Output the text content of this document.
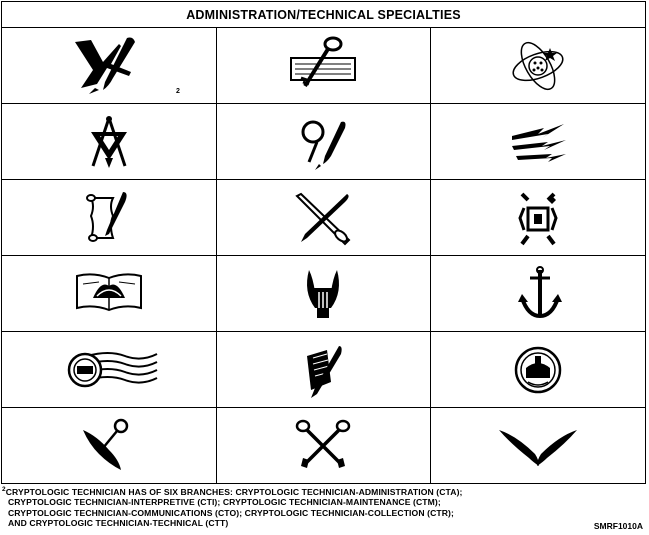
ADMINISTRATION/TECHNICAL SPECIALTIES		

2

$^2$CRYPTOLOGIC TECHNICIAN HAS OF SIX BRANCHES: CRYPTOLOGIC TECHNICIAN-ADMINISTRATION (CTA);
CRYPTOLOGIC TECHNICIAN-INTERPRETIVE (CTI); CRYPTOLOGIC TECHNICIAN-MAINTENANCE (CTM);
CRYPTOLOGIC TECHNICIAN-COMMUNICATIONS (CTO); CRYPTOLOGIC TECHNICIAN-COLLECTION (CTR);
AND CRYPTOLOGIC TECHNICIAN-TECHNICAL (CTT)	SMRF1010A
